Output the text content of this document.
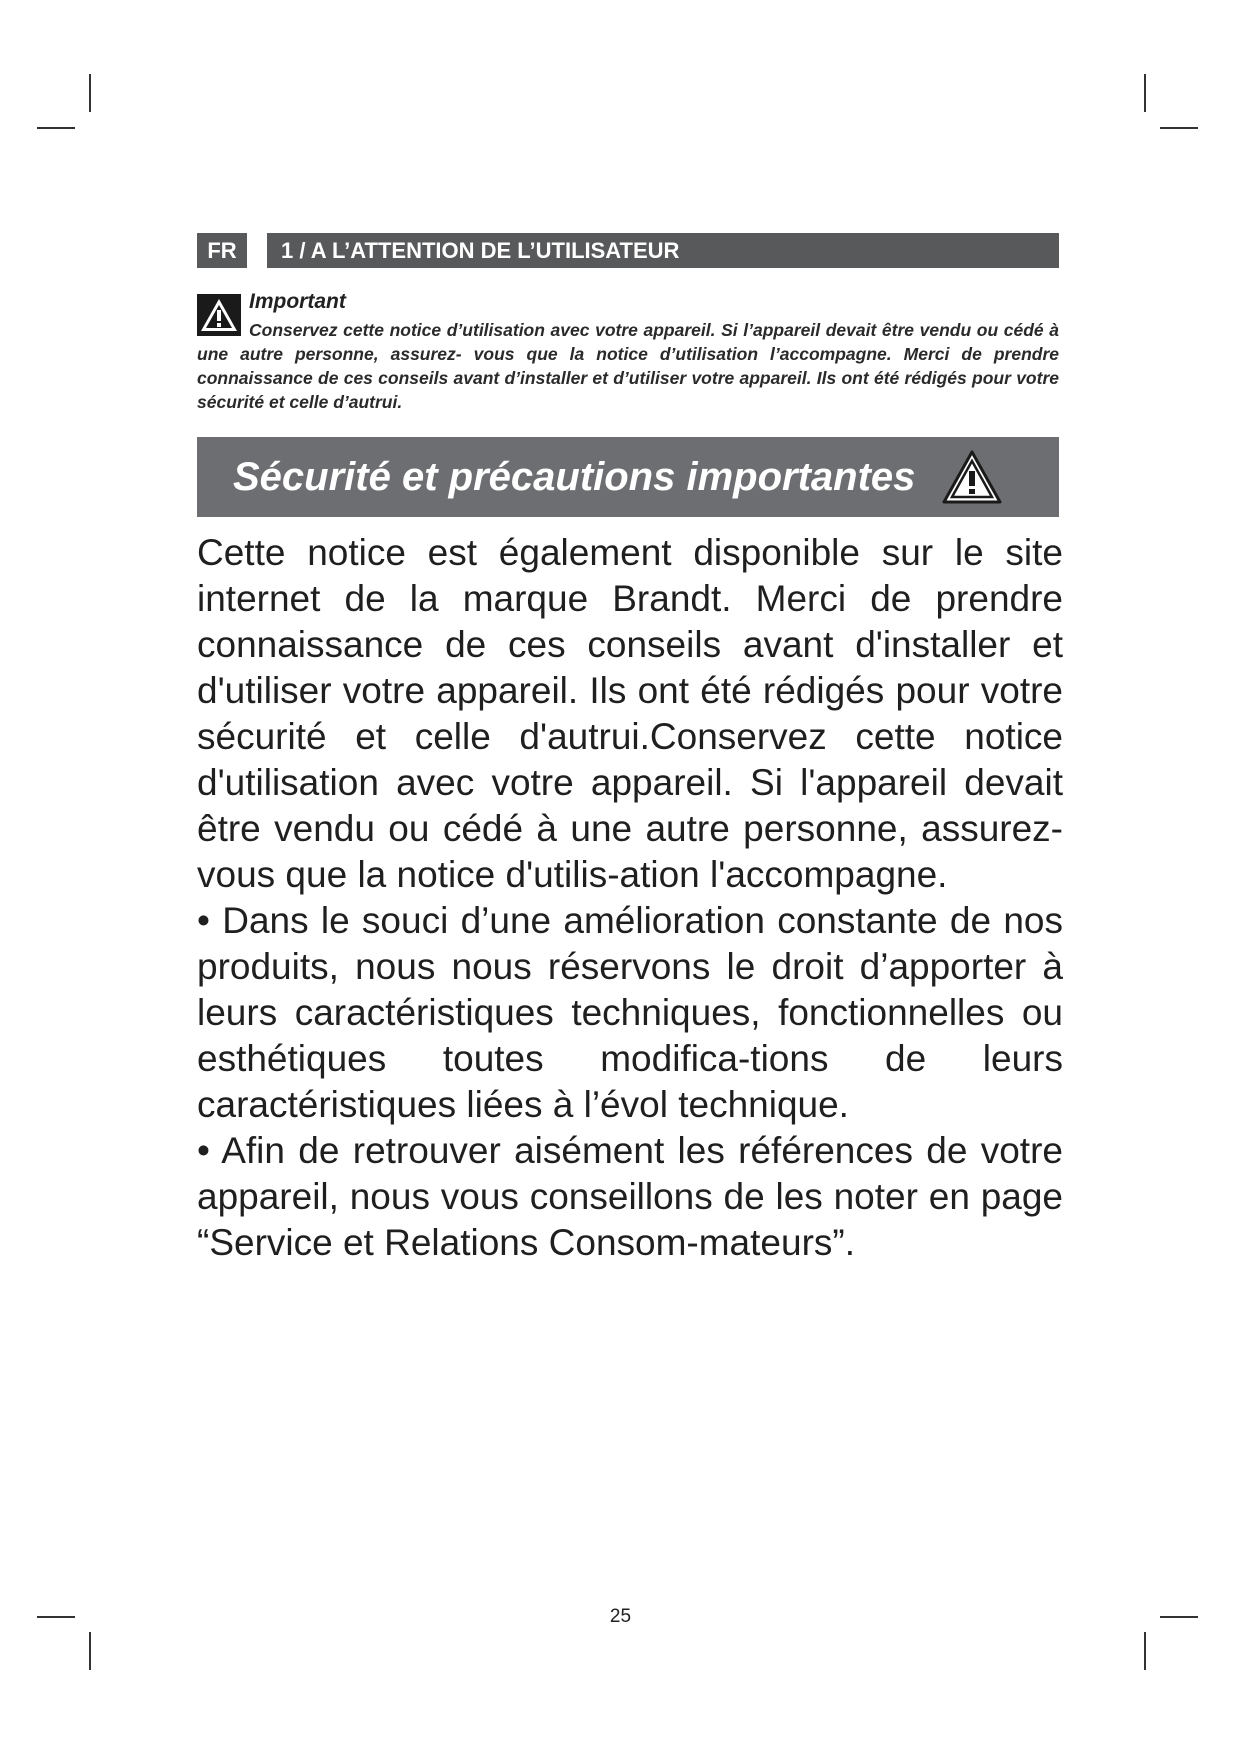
FR	1 / A L’ATTENTION DE L’UTILISATEUR
Important

Conservez cette notice d’utilisation avec votre appareil. Si l’appareil devait être vendu ou cédé à une autre personne, assurez- vous que la notice d’utilisation l’accompagne. Merci de prendre connaissance de ces conseils avant d’installer et d’utiliser votre appareil. Ils ont été rédigés pour votre sécurité et celle d’autrui.

Sécurité et précautions importantes

Cette notice est également disponible sur le site internet de la marque Brandt. Merci de prendre connaissance de ces conseils avant d'installer et d'utiliser votre appareil. Ils ont été rédigés pour votre sécurité et celle d'autrui.Conservez cette notice d'utilisation avec votre appareil. Si l'appareil devait être vendu ou cédé à une autre personne, assurez-vous que la notice d'utilis-ation l'accompagne.

• Dans le souci d’une amélioration constante de nos produits, nous nous réservons le droit d’apporter à leurs caractéristiques techniques, fonctionnelles ou esthétiques toutes modifica-tions de leurs caractéristiques liées à l’évol technique.

• Afin de retrouver aisément les références de votre appareil, nous vous conseillons de les noter en page “Service et Relations Consom-mateurs”.

25
